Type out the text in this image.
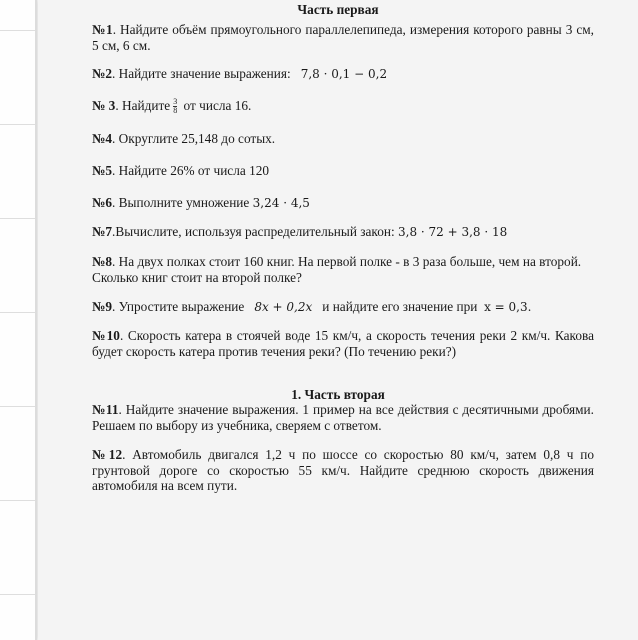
Часть первая
№1. Найдите объём прямоугольного параллелепипеда, измерения которого равны 3 см, 5 см, 6 см.
№2. Найдите значение выражения: 7,8 · 0,1 − 0,2
№ 3. Найдите $\frac{3}{8}$ от числа 16.
№4. Округлите 25,148 до сотых.
№5. Найдите 26% от числа 120
№6. Выполните умножение 3,24 · 4,5
№7.Вычислите, используя распределительный закон: 3,8 · 72 + 3,8 · 18
№8. На двух полках стоит 160 книг. На первой полке - в 3 раза больше, чем на второй. Сколько книг стоит на второй полке?
№9. Упростите выражение 8x + 0,2x и найдите его значение при x = 0,3.
№10. Скорость катера в стоячей воде 15 км/ч, а скорость течения реки 2 км/ч. Какова будет скорость катера против течения реки? (По течению реки?)
1. Часть вторая
№11. Найдите значение выражения. 1 пример на все действия с десятичными дробями. Решаем по выбору из учебника, сверяем с ответом.
№12. Автомобиль двигался 1,2 ч по шоссе со скоростью 80 км/ч, затем 0,8 ч по грунтовой дороге со скоростью 55 км/ч. Найдите среднюю скорость движения автомобиля на всем пути.
